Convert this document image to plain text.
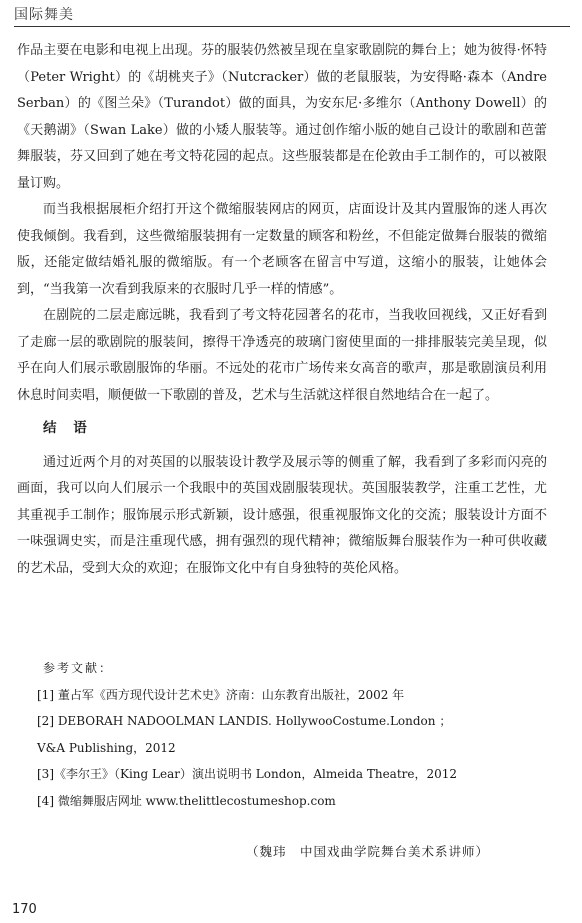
国际舞美

作品主要在电影和电视上出现。芬的服装仍然被呈现在皇家歌剧院的舞台上；她为彼得·怀特（Peter Wright）的《胡桃夹子》（Nutcracker）做的老鼠服装，为安得略·森本（Andre Serban）的《图兰朵》（Turandot）做的面具，为安东尼·多维尔（Anthony Dowell）的《天鹅湖》（Swan Lake）做的小矮人服装等。通过创作缩小版的她自己设计的歌剧和芭蕾舞服装，芬又回到了她在考文特花园的起点。这些服装都是在伦敦由手工制作的，可以被限量订购。

而当我根据展柜介绍打开这个微缩服装网店的网页，店面设计及其内置服饰的迷人再次使我倾倒。我看到，这些微缩服装拥有一定数量的顾客和粉丝，不但能定做舞台服装的微缩版，还能定做结婚礼服的微缩版。有一个老顾客在留言中写道，这缩小的服装，让她体会到，“当我第一次看到我原来的衣服时几乎一样的情感”。

在剧院的二层走廊远眺，我看到了考文特花园著名的花市，当我收回视线，又正好看到了走廊一层的歌剧院的服装间，擦得干净透亮的玻璃门窗使里面的一排排服装完美呈现，似乎在向人们展示歌剧服饰的华丽。不远处的花市广场传来女高音的歌声，那是歌剧演员利用休息时间卖唱，顺便做一下歌剧的普及，艺术与生活就这样很自然地结合在一起了。

结 语

通过近两个月的对英国的以服装设计教学及展示等的侧重了解，我看到了多彩而闪亮的画面，我可以向人们展示一个我眼中的英国戏剧服装现状。英国服装教学，注重工艺性，尤其重视手工制作；服饰展示形式新颖，设计感强，很重视服饰文化的交流；服装设计方面不一味强调史实，而是注重现代感，拥有强烈的现代精神；微缩版舞台服装作为一种可供收藏的艺术品，受到大众的欢迎；在服饰文化中有自身独特的英伦风格。

参考文献：
[1] 董占军《西方现代设计艺术史》济南：山东教育出版社，2002 年
[2] DEBORAH NADOOLMAN LANDIS. HollywooCostume.London ；
V&A Publishing，2012
[3]《李尔王》（King Lear）演出说明书 London，Almeida Theatre，2012
[4] 微缩舞服店网址 www.thelittlecostumeshop.com
（魏玮　中国戏曲学院舞台美术系讲师）
170
